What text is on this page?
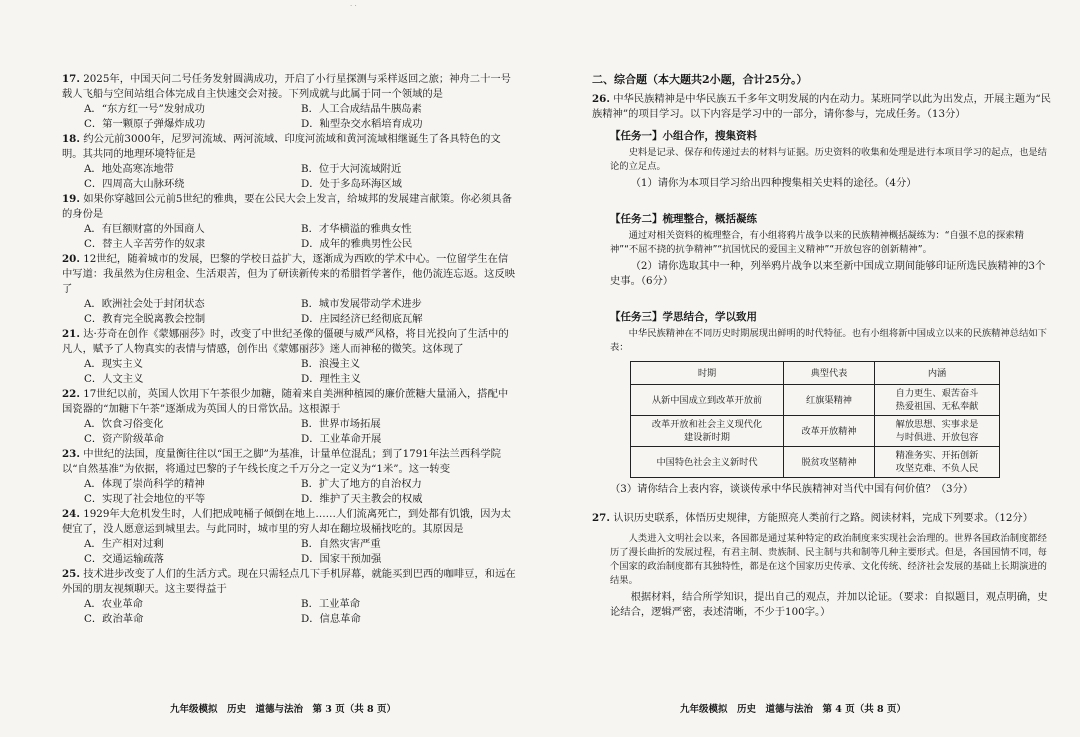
· ·

17. 2025年，中国天问二号任务发射圆满成功，开启了小行星探测与采样返回之旅；神舟二十一号载人飞船与空间站组合体完成自主快速交会对接。下列成就与此属于同一个领域的是

A．“东方红一号”发射成功	B．人工合成结晶牛胰岛素
C．第一颗原子弹爆炸成功	D．籼型杂交水稻培育成功

18. 约公元前3000年，尼罗河流域、两河流域、印度河流域和黄河流域相继诞生了各具特色的文明。其共同的地理环境特征是

A．地处高寒冻地带	B．位于大河流域附近
C．四周高大山脉环绕	D．处于多岛环海区域

19. 如果你穿越回公元前5世纪的雅典，要在公民大会上发言，给城邦的发展建言献策。你必须具备的身份是

A．有巨额财富的外国商人	B．才华横溢的雅典女性
C．替主人辛苦劳作的奴隶	D．成年的雅典男性公民

20. 12世纪，随着城市的发展，巴黎的学校日益扩大，逐渐成为西欧的学术中心。一位留学生在信中写道：我虽然为住房租金、生活艰苦，但为了研读新传来的希腊哲学著作，他仍流连忘返。这反映了

A．欧洲社会处于封闭状态	B．城市发展带动学术进步
C．教育完全脱离教会控制	D．庄园经济已经彻底瓦解

21. 达·芬奇在创作《蒙娜丽莎》时，改变了中世纪圣像的僵硬与威严风格，将目光投向了生活中的凡人，赋予了人物真实的表情与情感，创作出《蒙娜丽莎》迷人而神秘的微笑。这体现了

A．现实主义	B．浪漫主义
C．人文主义	D．理性主义

22. 17世纪以前，英国人饮用下午茶很少加糖，随着来自美洲种植园的廉价蔗糖大量涌入，搭配中国瓷器的“加糖下午茶”逐渐成为英国人的日常饮品。这根源于

A．饮食习俗变化	B．世界市场拓展
C．资产阶级革命	D．工业革命开展

23. 中世纪的法国，度量衡往往以“国王之脚”为基准，计量单位混乱；到了1791年法兰西科学院以“自然基准”为依据，将通过巴黎的子午线长度之千万分之一定义为“1米”。这一转变

A．体现了崇尚科学的精神	B．扩大了地方的自治权力
C．实现了社会地位的平等	D．维护了天主教会的权威

24. 1929年大危机发生时，人们把成吨桶子倾倒在地上……人们流离死亡，到处都有饥饿，因为太便宜了，没人愿意运到城里去。与此同时，城市里的穷人却在翻垃圾桶找吃的。其原因是

A．生产相对过剩	B．自然灾害严重
C．交通运输疏落	D．国家干预加强

25. 技术进步改变了人们的生活方式。现在只需轻点几下手机屏幕，就能买到巴西的咖啡豆，和远在外国的朋友视频聊天。这主要得益于

A．农业革命	B．工业革命
C．政治革命	D．信息革命
九年级模拟　历史　道德与法治　第 3 页（共 8 页）

二、综合题（本大题共2小题，合计25分。）

26. 中华民族精神是中华民族五千多年文明发展的内在动力。某班同学以此为出发点，开展主题为“民族精神”的项目学习。以下内容是学习中的一部分，请你参与，完成任务。（13分）

【任务一】小组合作，搜集资料

史料是记录、保存和传递过去的材料与证据。历史资料的收集和处理是进行本项目学习的起点，也是结论的立足点。

（1）请你为本项目学习给出四种搜集相关史料的途径。（4分）

【任务二】梳理整合，概括凝练

通过对相关资料的梳理整合，有小组将鸦片战争以来的民族精神概括凝练为：“自强不息的探索精神”“不屈不挠的抗争精神”“抗国忧民的爱国主义精神”“开放包容的创新精神”。

（2）请你选取其中一种，列举鸦片战争以来至新中国成立期间能够印证所选民族精神的3个史事。（6分）

【任务三】学思结合，学以致用

中华民族精神在不同历史时期展现出鲜明的时代特征。也有小组将新中国成立以来的民族精神总结如下表：

时期	典型代表	内涵
从新中国成立到改革开放前	红旗渠精神	自力更生、艰苦奋斗
热爱祖国、无私奉献
改革开放和社会主义现代化
建设新时期	改革开放精神	解放思想、实事求是
与时俱进、开放包容
中国特色社会主义新时代	脱贫攻坚精神	精准务实、开拓创新
攻坚克难、不负人民

（3）请你结合上表内容，谈谈传承中华民族精神对当代中国有何价值？（3分）

27. 认识历史联系，体悟历史规律，方能照亮人类前行之路。阅读材料，完成下列要求。（12分）

人类进入文明社会以来，各国都是通过某种特定的政治制度来实现社会治理的。世界各国政治制度都经历了漫长曲折的发展过程，有君主制、贵族制、民主制与共和制等几种主要形式。但是，各国国情不同，每个国家的政治制度都有其独特性，都是在这个国家历史传承、文化传统、经济社会发展的基础上长期演进的结果。

根据材料，结合所学知识，提出自己的观点，并加以论证。（要求：自拟题目，观点明确，史论结合，逻辑严密，表述清晰，不少于100字。）

九年级模拟　历史　道德与法治　第 4 页（共 8 页）
